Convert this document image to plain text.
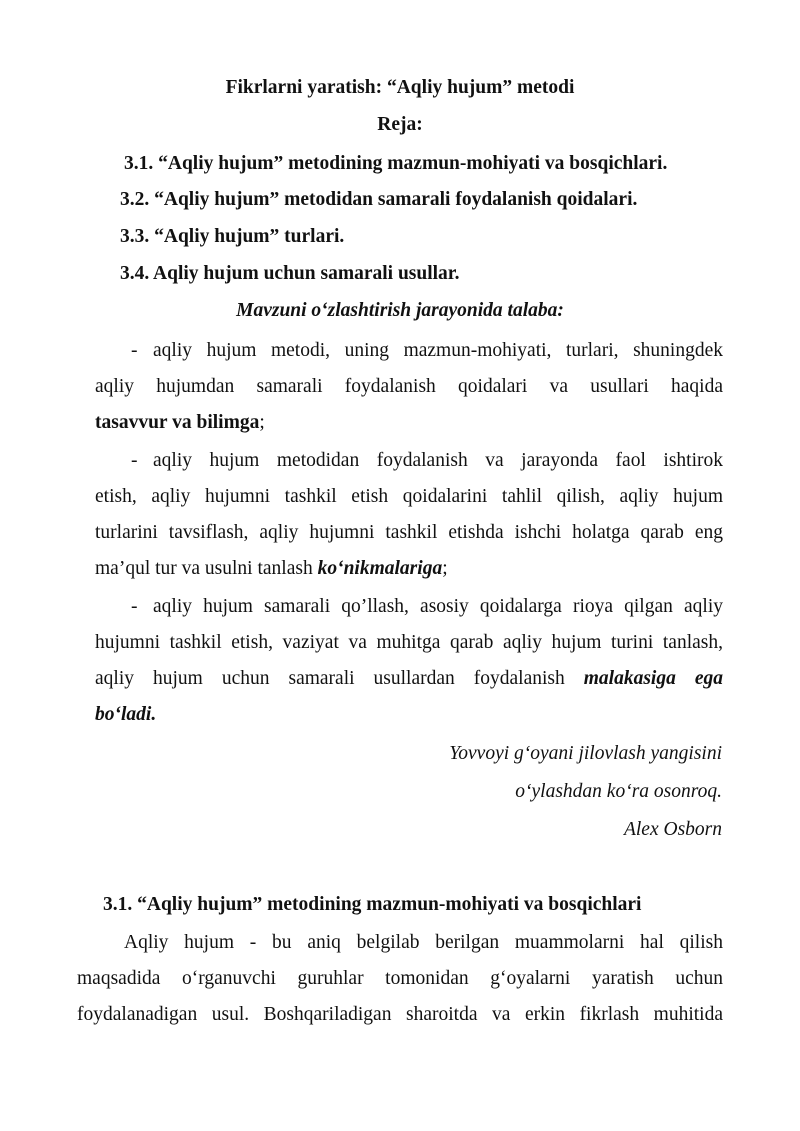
Fikrlarni yaratish: “Aqliy hujum” metodi
Reja:
3.1. “Aqliy hujum” metodining mazmun-mohiyati va bosqichlari.
3.2. “Aqliy hujum” metodidan samarali foydalanish qoidalari.
3.3. “Aqliy hujum” turlari.
3.4. Aqliy hujum uchun samarali usullar.
Mavzuni o‘zlashtirish jarayonida talaba:
- aqliy hujum metodi, uning mazmun-mohiyati, turlari, shuningdek
aqliy hujumdan samarali foydalanish qoidalari va usullari haqida
tasavvur va bilimga;
- aqliy hujum metodidan foydalanish va jarayonda faol ishtirok
etish, aqliy hujumni tashkil etish qoidalarini tahlil qilish, aqliy hujum
turlarini tavsiflash, aqliy hujumni tashkil etishda ishchi holatga qarab eng
ma’qul tur va usulni tanlash ko‘nikmalariga;
- aqliy hujum samarali qo’llash, asosiy qoidalarga rioya qilgan aqliy
hujumni tashkil etish, vaziyat va muhitga qarab aqliy hujum turini tanlash,
aqliy hujum uchun samarali usullardan foydalanish malakasiga ega
bo‘ladi.
Yovvoyi g‘oyani jilovlash yangisini
o‘ylashdan ko‘ra osonroq.
Alex Osborn
3.1. “Aqliy hujum” metodining mazmun-mohiyati va bosqichlari
Aqliy hujum - bu aniq belgilab berilgan muammolarni hal qilish
maqsadida o‘rganuvchi guruhlar tomonidan g‘oyalarni yaratish uchun
foydalanadigan usul. Boshqariladigan sharoitda va erkin fikrlash muhitida
